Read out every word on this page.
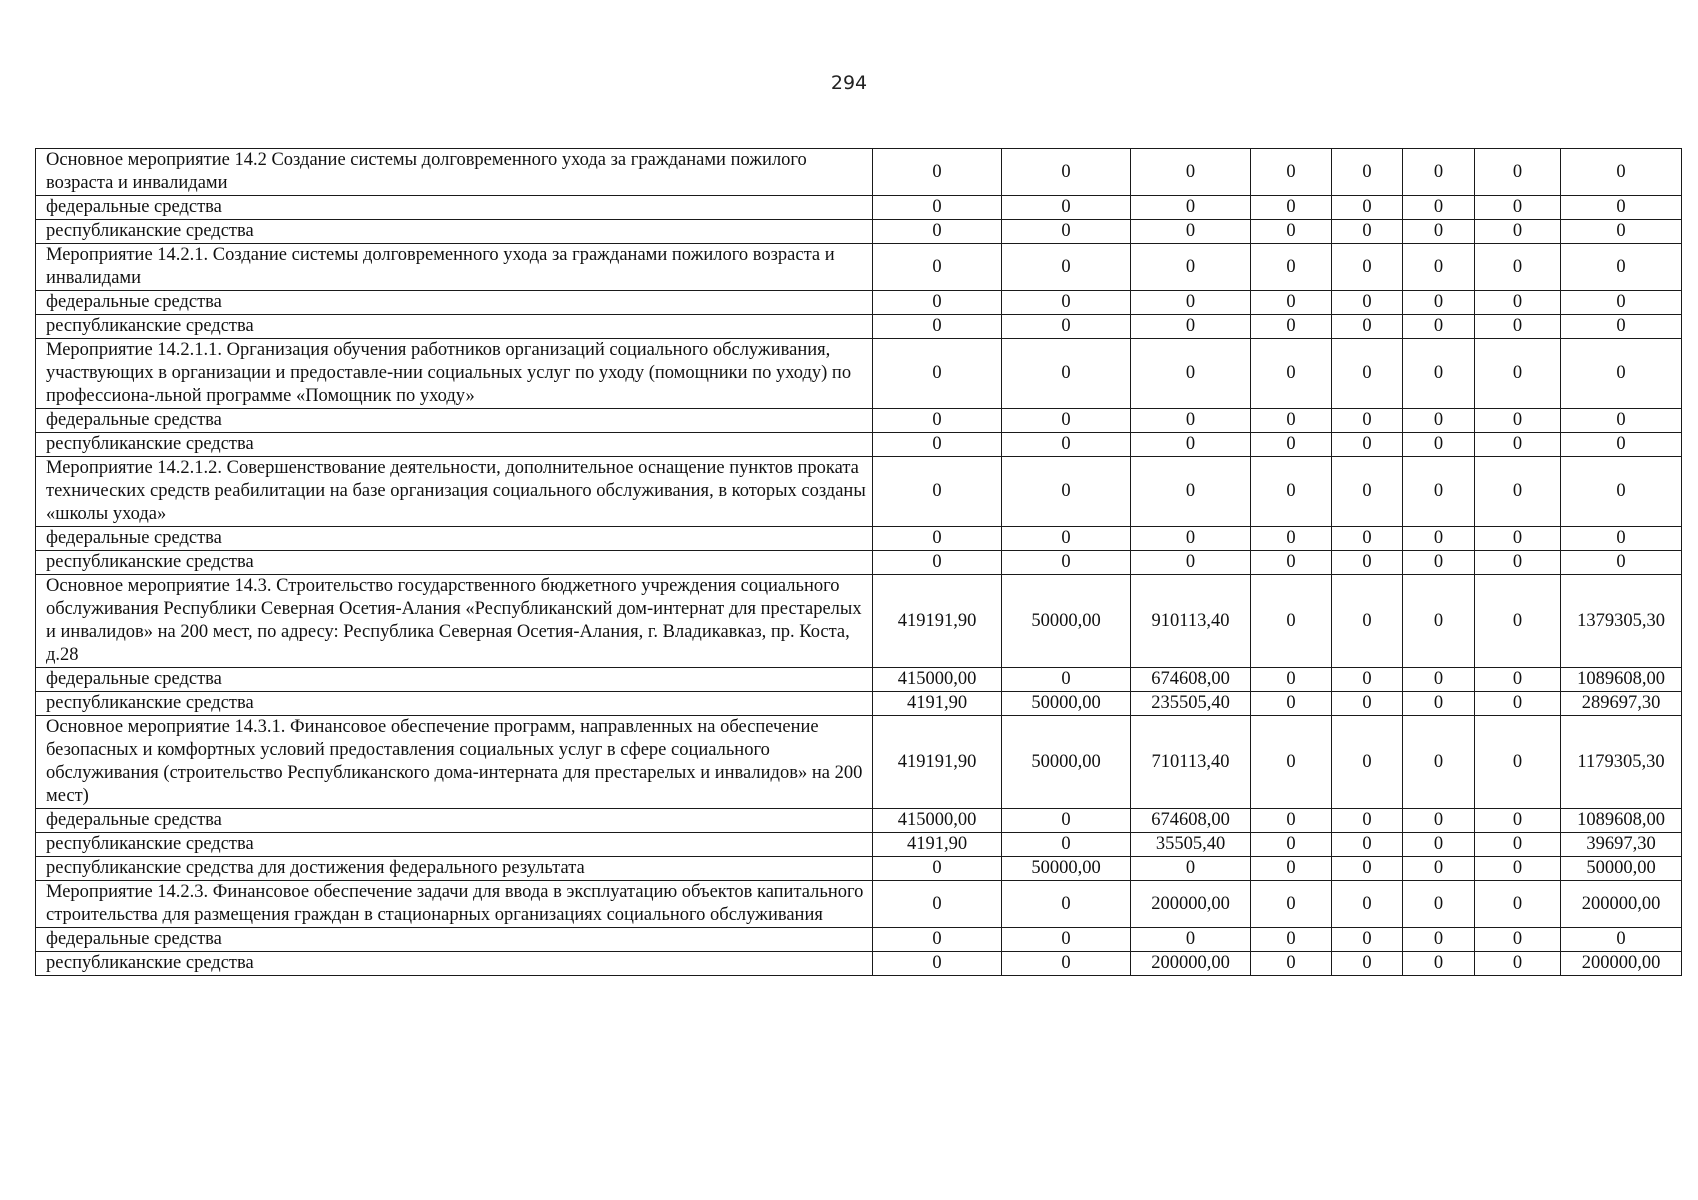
294
Основное мероприятие 14.2 Создание системы долговременного ухода за гражданами пожилого возраста и инвалидами	0	0	0	0	0	0	0	0
федеральные средства	0	0	0	0	0	0	0	0
республиканские средства	0	0	0	0	0	0	0	0
Мероприятие 14.2.1. Создание системы долговременного ухода за гражданами пожилого возраста и инвалидами	0	0	0	0	0	0	0	0
федеральные средства	0	0	0	0	0	0	0	0
республиканские средства	0	0	0	0	0	0	0	0
Мероприятие 14.2.1.1. Организация обучения работников организаций социального обслуживания, участвующих в организации и предоставле-нии социальных услуг по уходу (помощники по уходу) по профессиона-льной программе «Помощник по уходу»	0	0	0	0	0	0	0	0
федеральные средства	0	0	0	0	0	0	0	0
республиканские средства	0	0	0	0	0	0	0	0
Мероприятие 14.2.1.2. Совершенствование деятельности, дополнительное оснащение пунктов проката технических средств реабилитации на базе организация социального обслуживания, в которых созданы «школы ухода»	0	0	0	0	0	0	0	0
федеральные средства	0	0	0	0	0	0	0	0
республиканские средства	0	0	0	0	0	0	0	0
Основное мероприятие 14.3. Строительство государственного бюджетного учреждения социального обслуживания Республики Северная Осетия-Алания «Республиканский дом-интернат для престарелых и инвалидов» на 200 мест, по адресу: Республика Северная Осетия-Алания, г. Владикавказ, пр. Коста, д.28	419191,90	50000,00	910113,40	0	0	0	0	1379305,30
федеральные средства	415000,00	0	674608,00	0	0	0	0	1089608,00
республиканские средства	4191,90	50000,00	235505,40	0	0	0	0	289697,30
Основное мероприятие 14.3.1. Финансовое обеспечение программ, направленных на обеспечение безопасных и комфортных условий предоставления социальных услуг в сфере социального обслуживания (строительство Республиканского дома-интерната для престарелых и инвалидов» на 200 мест)	419191,90	50000,00	710113,40	0	0	0	0	1179305,30
федеральные средства	415000,00	0	674608,00	0	0	0	0	1089608,00
республиканские средства	4191,90	0	35505,40	0	0	0	0	39697,30
республиканские средства для достижения федерального результата	0	50000,00	0	0	0	0	0	50000,00
Мероприятие 14.2.3. Финансовое обеспечение задачи для ввода в эксплуатацию объектов капитального строительства для размещения граждан в стационарных организациях социального обслуживания	0	0	200000,00	0	0	0	0	200000,00
федеральные средства	0	0	0	0	0	0	0	0
республиканские средства	0	0	200000,00	0	0	0	0	200000,00
